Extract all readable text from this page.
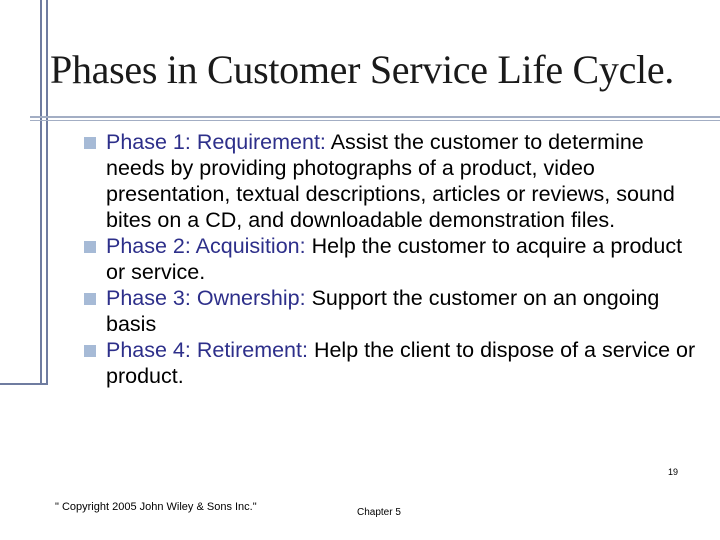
Phases in Customer Service Life Cycle.
Phase 1: Requirement: Assist the customer to determine needs by providing photographs of a product, video presentation, textual descriptions, articles or reviews, sound bites on a CD, and downloadable demonstration files.
Phase 2: Acquisition: Help the customer to acquire a product or service.
Phase 3: Ownership: Support the customer on an ongoing basis
Phase 4: Retirement: Help the client to dispose of a service or product.
" Copyright 2005 John Wiley & Sons Inc."	Chapter 5
19
